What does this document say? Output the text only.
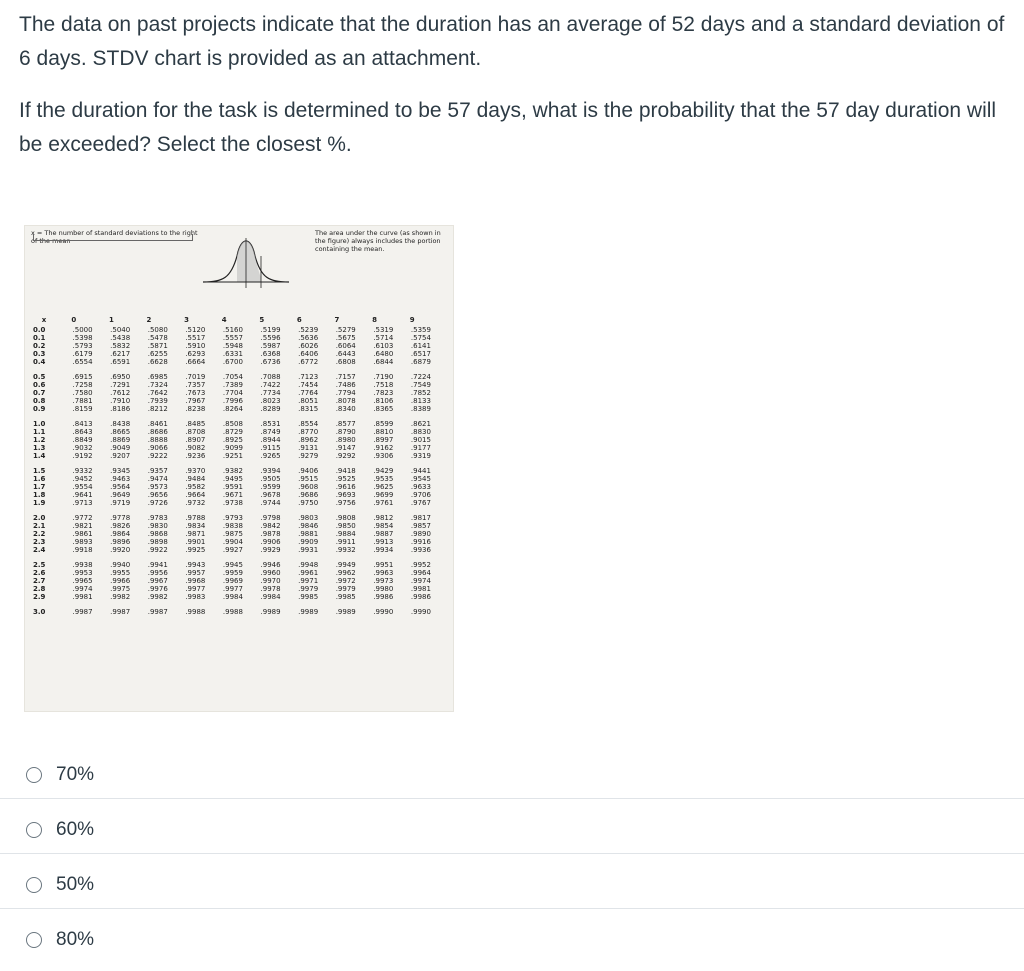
The data on past projects indicate that the duration has an average of 52 days and a standard deviation of 6 days. STDV chart is provided as an attachment.

If the duration for the task is determined to be 57 days, what is the probability that the 57 day duration will be exceeded? Select the closest %.

x = The number of standard deviations to the right of the mean
The area under the curve (as shown in the figure) always includes the portion containing the mean.
x	0	1	2	3	4	5	6	7	8	9
0.0	.5000	.5040	.5080	.5120	.5160	.5199	.5239	.5279	.5319	.5359
0.1	.5398	.5438	.5478	.5517	.5557	.5596	.5636	.5675	.5714	.5754
0.2	.5793	.5832	.5871	.5910	.5948	.5987	.6026	.6064	.6103	.6141
0.3	.6179	.6217	.6255	.6293	.6331	.6368	.6406	.6443	.6480	.6517
0.4	.6554	.6591	.6628	.6664	.6700	.6736	.6772	.6808	.6844	.6879

0.5	.6915	.6950	.6985	.7019	.7054	.7088	.7123	.7157	.7190	.7224
0.6	.7258	.7291	.7324	.7357	.7389	.7422	.7454	.7486	.7518	.7549
0.7	.7580	.7612	.7642	.7673	.7704	.7734	.7764	.7794	.7823	.7852
0.8	.7881	.7910	.7939	.7967	.7996	.8023	.8051	.8078	.8106	.8133
0.9	.8159	.8186	.8212	.8238	.8264	.8289	.8315	.8340	.8365	.8389

1.0	.8413	.8438	.8461	.8485	.8508	.8531	.8554	.8577	.8599	.8621
1.1	.8643	.8665	.8686	.8708	.8729	.8749	.8770	.8790	.8810	.8830
1.2	.8849	.8869	.8888	.8907	.8925	.8944	.8962	.8980	.8997	.9015
1.3	.9032	.9049	.9066	.9082	.9099	.9115	.9131	.9147	.9162	.9177
1.4	.9192	.9207	.9222	.9236	.9251	.9265	.9279	.9292	.9306	.9319

1.5	.9332	.9345	.9357	.9370	.9382	.9394	.9406	.9418	.9429	.9441
1.6	.9452	.9463	.9474	.9484	.9495	.9505	.9515	.9525	.9535	.9545
1.7	.9554	.9564	.9573	.9582	.9591	.9599	.9608	.9616	.9625	.9633
1.8	.9641	.9649	.9656	.9664	.9671	.9678	.9686	.9693	.9699	.9706
1.9	.9713	.9719	.9726	.9732	.9738	.9744	.9750	.9756	.9761	.9767

2.0	.9772	.9778	.9783	.9788	.9793	.9798	.9803	.9808	.9812	.9817
2.1	.9821	.9826	.9830	.9834	.9838	.9842	.9846	.9850	.9854	.9857
2.2	.9861	.9864	.9868	.9871	.9875	.9878	.9881	.9884	.9887	.9890
2.3	.9893	.9896	.9898	.9901	.9904	.9906	.9909	.9911	.9913	.9916
2.4	.9918	.9920	.9922	.9925	.9927	.9929	.9931	.9932	.9934	.9936

2.5	.9938	.9940	.9941	.9943	.9945	.9946	.9948	.9949	.9951	.9952
2.6	.9953	.9955	.9956	.9957	.9959	.9960	.9961	.9962	.9963	.9964
2.7	.9965	.9966	.9967	.9968	.9969	.9970	.9971	.9972	.9973	.9974
2.8	.9974	.9975	.9976	.9977	.9977	.9978	.9979	.9979	.9980	.9981
2.9	.9981	.9982	.9982	.9983	.9984	.9984	.9985	.9985	.9986	.9986

3.0	.9987	.9987	.9987	.9988	.9988	.9989	.9989	.9989	.9990	.9990
70%
60%
50%
80%
